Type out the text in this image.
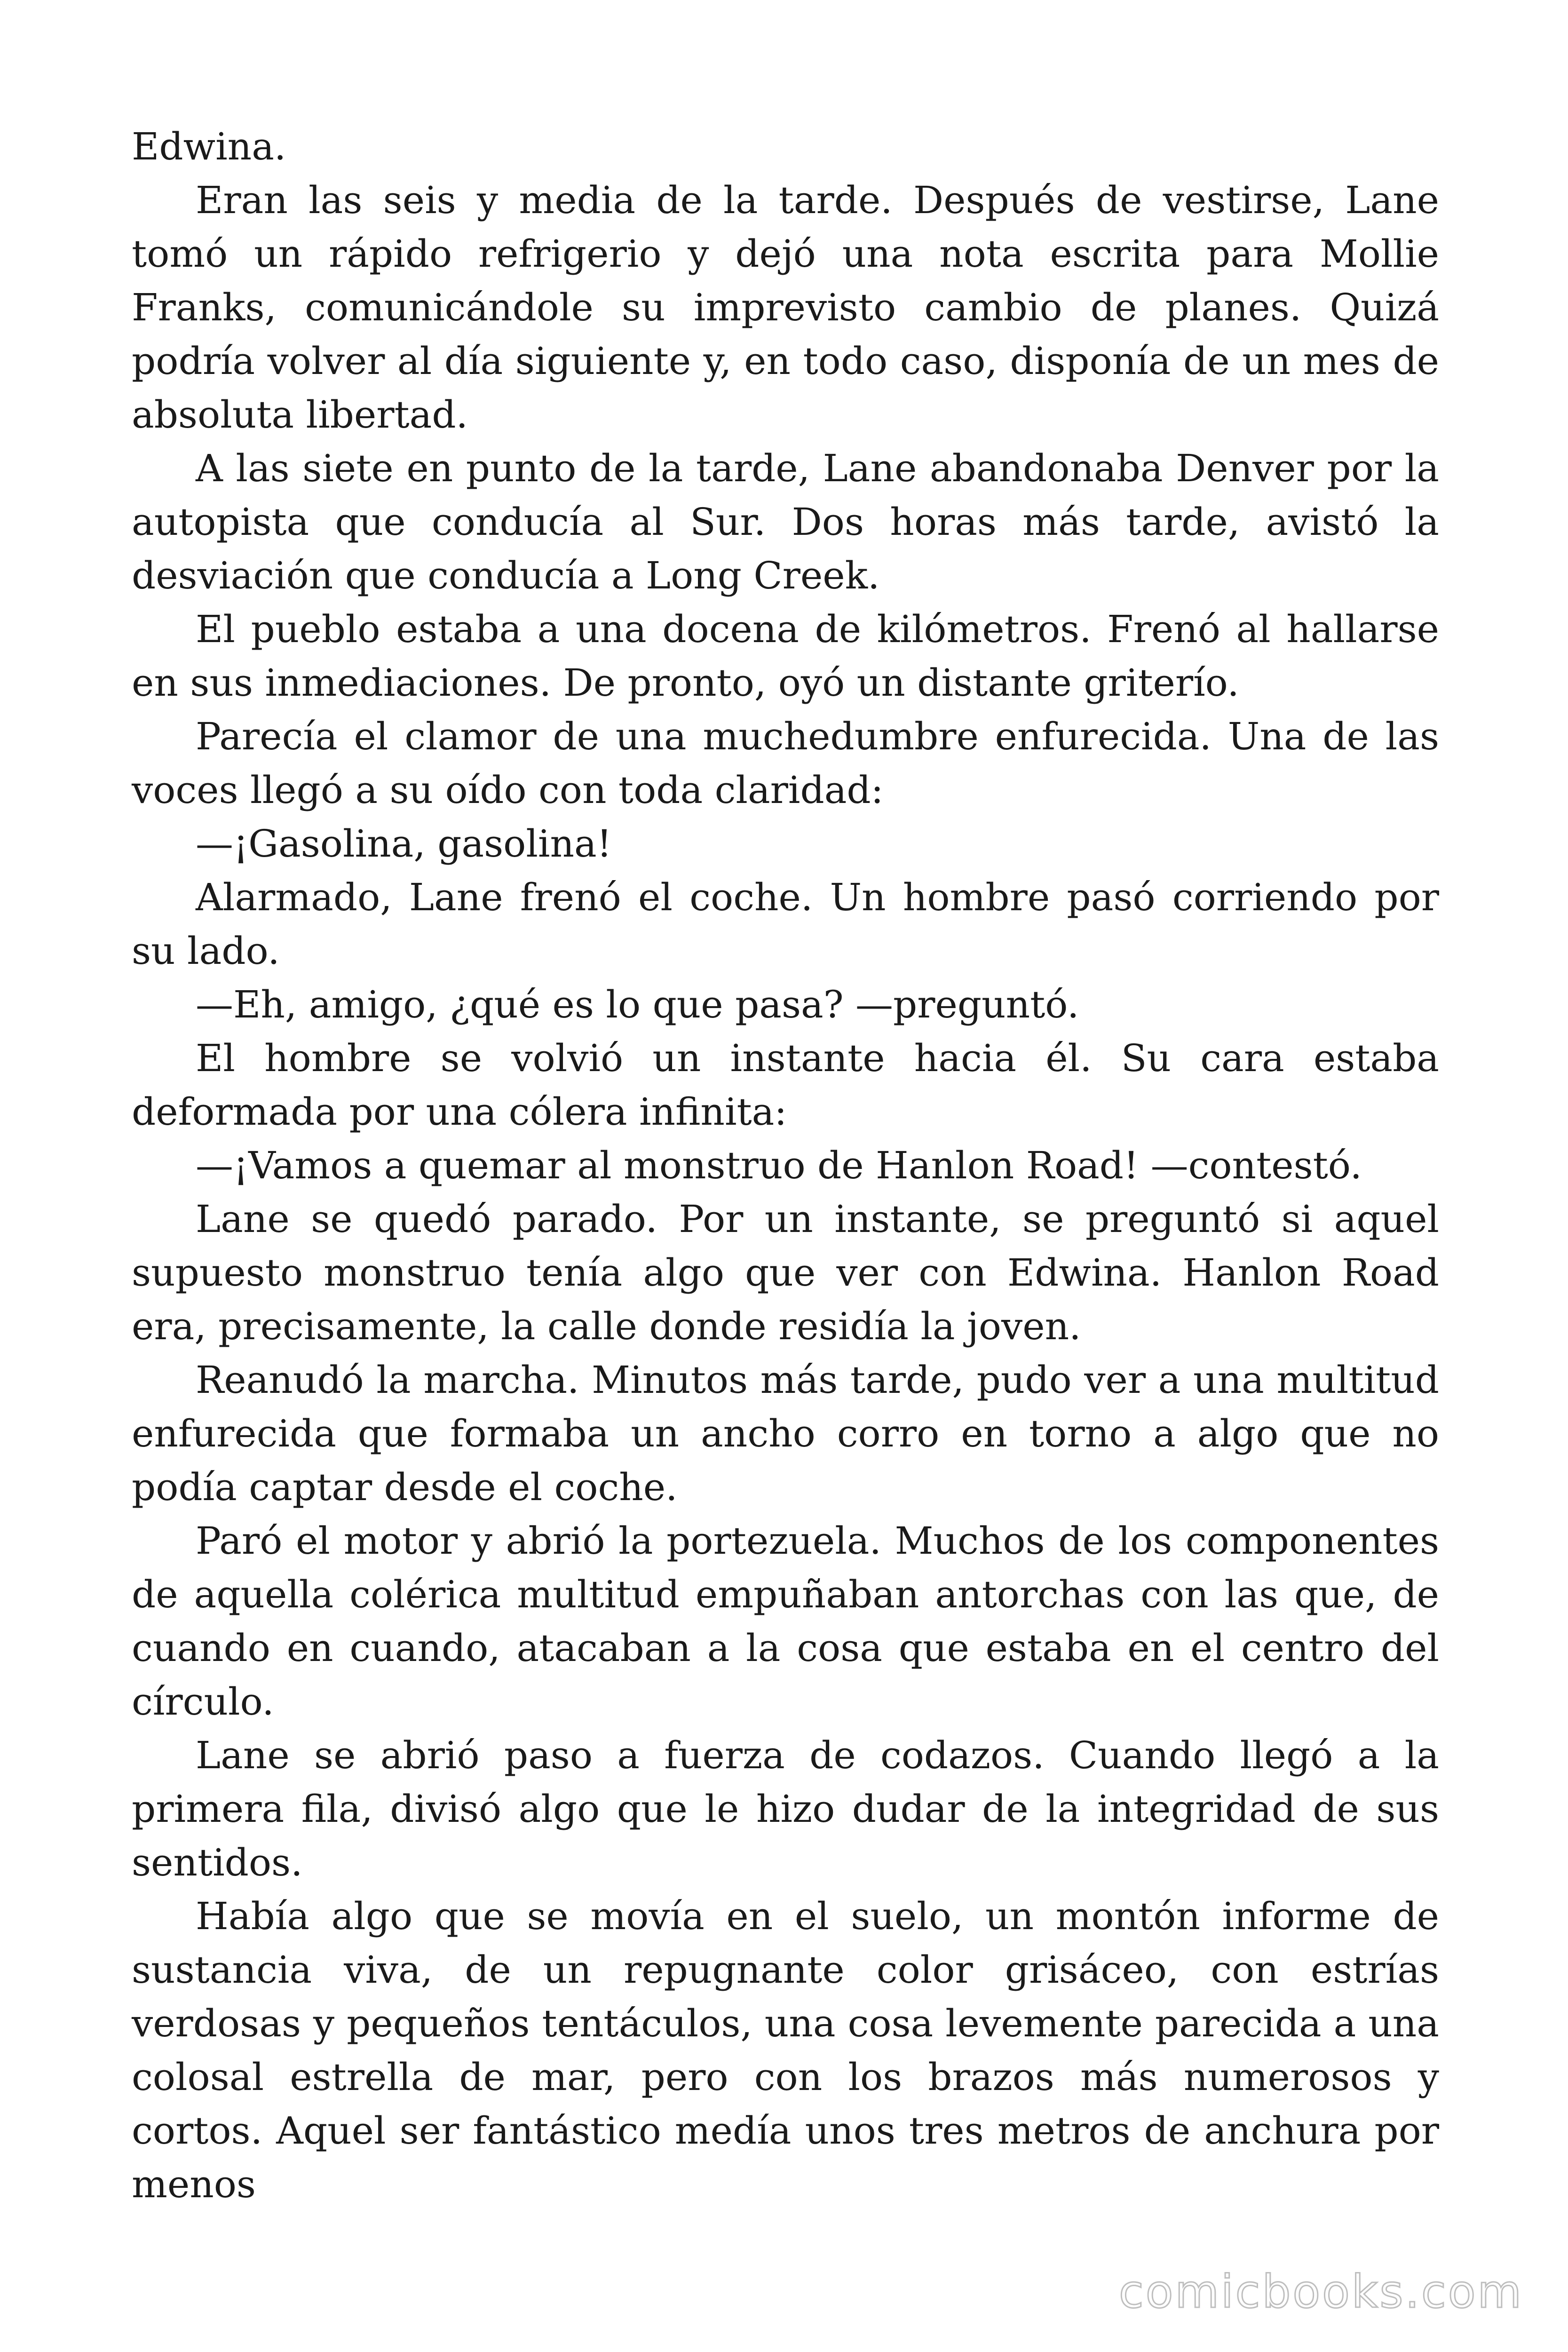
Edwina.

Eran las seis y media de la tarde. Después de vestirse, Lane tomó un rápido refrigerio y dejó una nota escrita para Mollie Franks, comunicándole su imprevisto cambio de planes. Quizá podría volver al día siguiente y, en todo caso, disponía de un mes de absoluta libertad.

A las siete en punto de la tarde, Lane abandonaba Denver por la autopista que conducía al Sur. Dos horas más tarde, avistó la desviación que conducía a Long Creek.

El pueblo estaba a una docena de kilómetros. Frenó al hallarse en sus inmediaciones. De pronto, oyó un distante griterío.

Parecía el clamor de una muchedumbre enfurecida. Una de las voces llegó a su oído con toda claridad:

—¡Gasolina, gasolina!

Alarmado, Lane frenó el coche. Un hombre pasó corriendo por su lado.

—Eh, amigo, ¿qué es lo que pasa? —preguntó.

El hombre se volvió un instante hacia él. Su cara estaba deformada por una cólera infinita:

—¡Vamos a quemar al monstruo de Hanlon Road! —contestó.

Lane se quedó parado. Por un instante, se preguntó si aquel supuesto monstruo tenía algo que ver con Edwina. Hanlon Road era, precisamente, la calle donde residía la joven.

Reanudó la marcha. Minutos más tarde, pudo ver a una multitud enfurecida que formaba un ancho corro en torno a algo que no podía captar desde el coche.

Paró el motor y abrió la portezuela. Muchos de los componentes de aquella colérica multitud empuñaban antorchas con las que, de cuando en cuando, atacaban a la cosa que estaba en el centro del círculo.

Lane se abrió paso a fuerza de codazos. Cuando llegó a la primera fila, divisó algo que le hizo dudar de la integridad de sus sentidos.

Había algo que se movía en el suelo, un montón informe de sustancia viva, de un repugnante color grisáceo, con estrías verdosas y pequeños tentáculos, una cosa levemente parecida a una colosal estrella de mar, pero con los brazos más numerosos y cortos. Aquel ser fantástico medía unos tres metros de anchura por menos

comicbooks.com
